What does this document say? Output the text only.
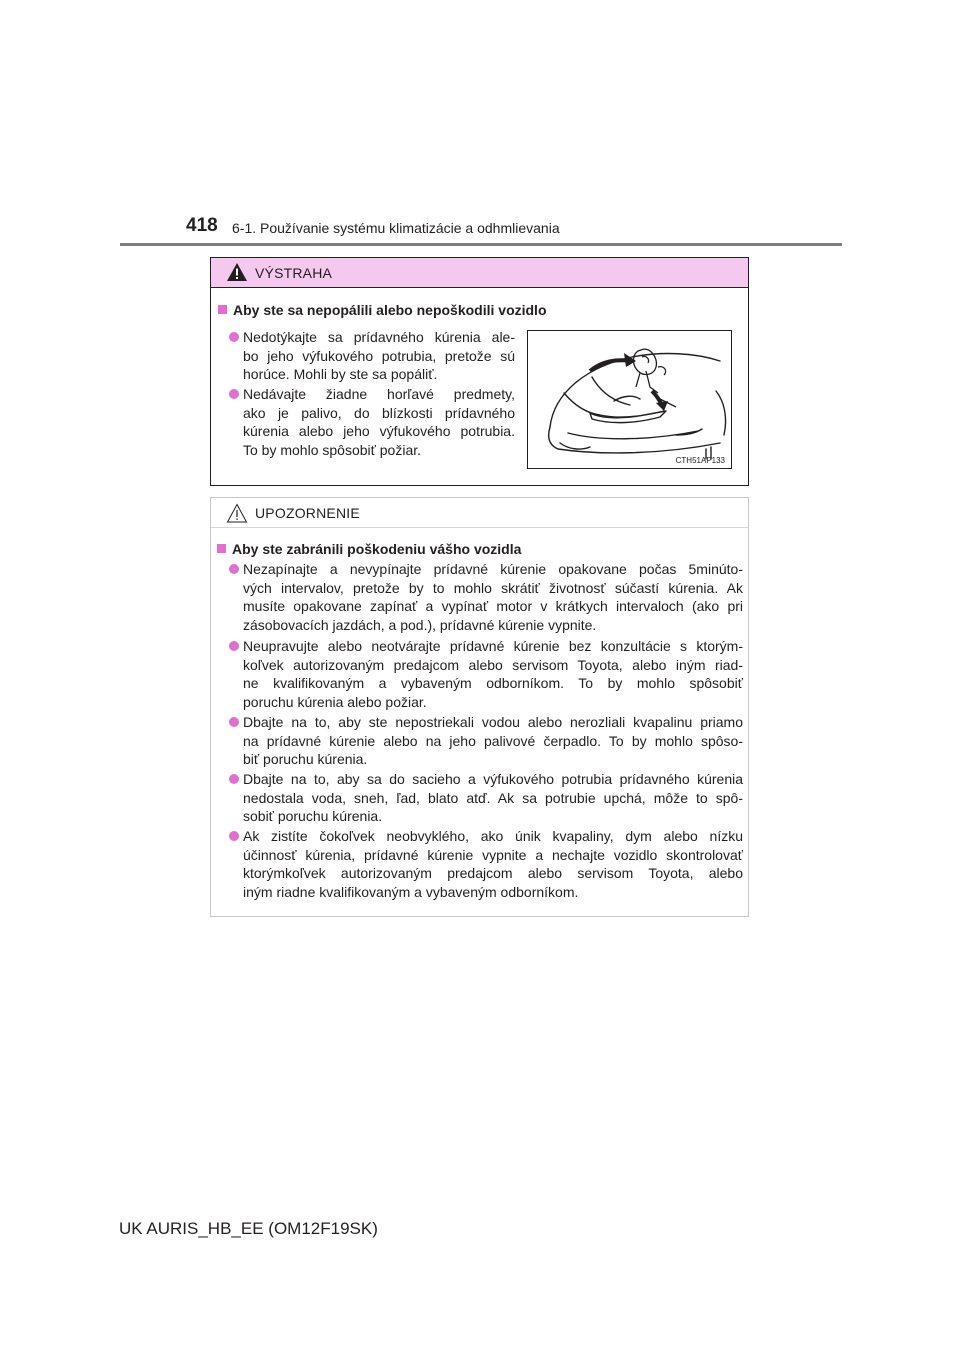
418 6-1. Používanie systému klimatizácie a odhmlievania
VÝSTRAHA
Aby ste sa nepopálili alebo nepoškodili vozidlo
Nedotýkajte sa prídavného kúrenia ale-
bo jeho výfukového potrubia, pretože sú
horúce. Mohli by ste sa popáliť.
Nedávajte žiadne horľavé predmety,
ako je palivo, do blízkosti prídavného
kúrenia alebo jeho výfukového potrubia.
To by mohlo spôsobiť požiar.
CTH51AP133
UPOZORNENIE
Aby ste zabránili poškodeniu vášho vozidla
Nezapínajte a nevypínajte prídavné kúrenie opakovane počas 5minúto-
vých intervalov, pretože by to mohlo skrátiť životnosť súčastí kúrenia. Ak
musíte opakovane zapínať a vypínať motor v krátkych intervaloch (ako pri
zásobovacích jazdách, a pod.), prídavné kúrenie vypnite.
Neupravujte alebo neotvárajte prídavné kúrenie bez konzultácie s ktorým-
koľvek autorizovaným predajcom alebo servisom Toyota, alebo iným riad-
ne kvalifikovaným a vybaveným odborníkom. To by mohlo spôsobiť
poruchu kúrenia alebo požiar.
Dbajte na to, aby ste nepostriekali vodou alebo nerozliali kvapalinu priamo
na prídavné kúrenie alebo na jeho palivové čerpadlo. To by mohlo spôso-
biť poruchu kúrenia.
Dbajte na to, aby sa do sacieho a výfukového potrubia prídavného kúrenia
nedostala voda, sneh, ľad, blato atď. Ak sa potrubie upchá, môže to spô-
sobiť poruchu kúrenia.
Ak zistíte čokoľvek neobvyklého, ako únik kvapaliny, dym alebo nízku
účinnosť kúrenia, prídavné kúrenie vypnite a nechajte vozidlo skontrolovať
ktorýmkoľvek autorizovaným predajcom alebo servisom Toyota, alebo
iným riadne kvalifikovaným a vybaveným odborníkom.
UK AURIS_HB_EE (OM12F19SK)
